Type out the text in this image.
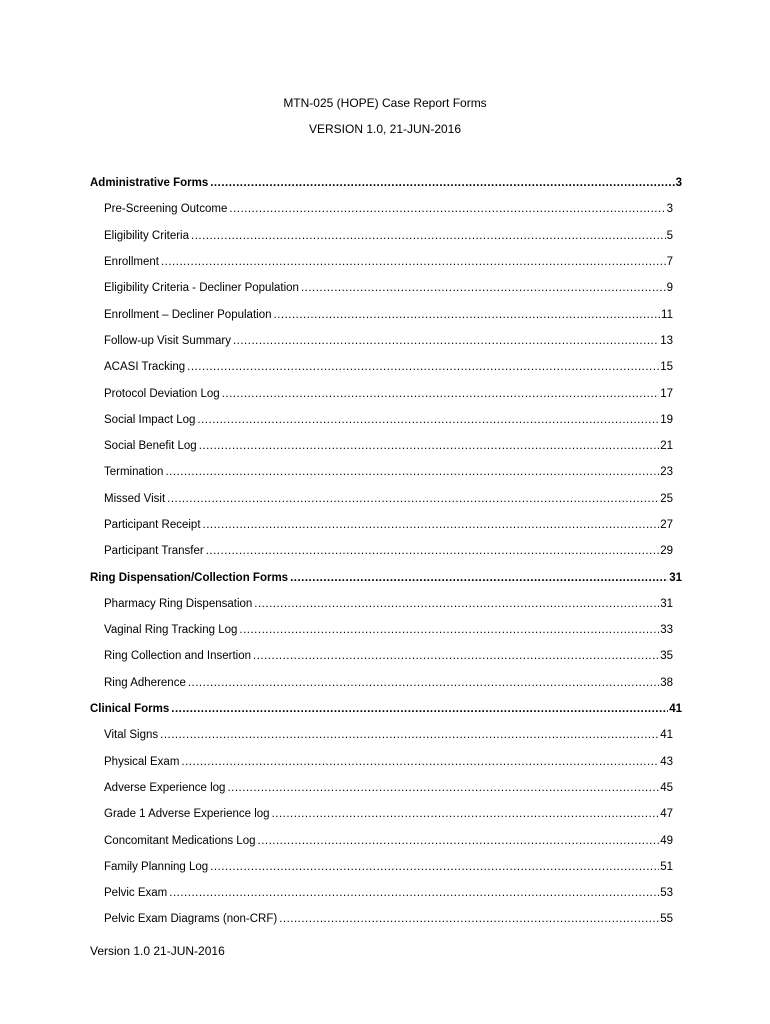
MTN-025 (HOPE) Case Report Forms
VERSION 1.0, 21-JUN-2016
Administrative Forms .....	3
Pre-Screening Outcome .....	3
Eligibility Criteria .....	5
Enrollment .....	7
Eligibility Criteria - Decliner Population .....	9
Enrollment – Decliner Population .....	11
Follow-up Visit Summary .....	13
ACASI Tracking .....	15
Protocol Deviation Log .....	17
Social Impact Log .....	19
Social Benefit Log .....	21
Termination .....	23
Missed Visit .....	25
Participant Receipt .....	27
Participant Transfer .....	29
Ring Dispensation/Collection Forms .....	31
Pharmacy Ring Dispensation .....	31
Vaginal Ring Tracking Log .....	33
Ring Collection and Insertion .....	35
Ring Adherence .....	38
Clinical Forms .....	41
Vital Signs .....	41
Physical Exam .....	43
Adverse Experience log .....	45
Grade 1 Adverse Experience log .....	47
Concomitant Medications Log .....	49
Family Planning Log .....	51
Pelvic Exam .....	53
Pelvic Exam Diagrams (non-CRF) .....	55
Version 1.0 21-JUN-2016
